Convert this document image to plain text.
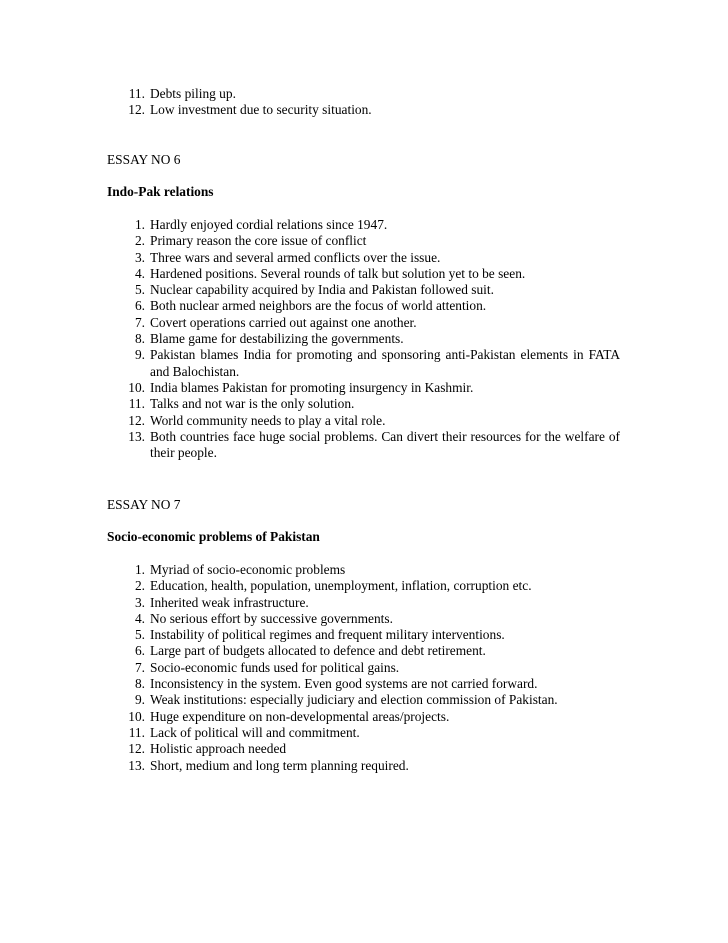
11 . Debts piling up.
12 . Low investment due to security situation.
ESSAY NO 6
Indo-Pak relations
1 . Hardly enjoyed cordial relations since 1947.
2 . Primary reason the core issue of conflict
3 . Three wars and several armed conflicts over the issue.
4 . Hardened positions. Several rounds of talk but solution yet to be seen.
5 . Nuclear capability acquired by India and Pakistan followed suit.
6 . Both nuclear armed neighbors are the focus of world attention.
7 . Covert operations carried out against one another.
8 . Blame game for destabilizing the governments.
9 . Pakistan blames India for promoting and sponsoring anti-Pakistan elements in FATA and Balochistan.
10 . India blames Pakistan for promoting insurgency in Kashmir.
11 . Talks and not war is the only solution.
12 . World community needs to play a vital role.
13 . Both countries face huge social problems. Can divert their resources for the welfare of their people.
ESSAY NO 7
Socio-economic problems of Pakistan
1 . Myriad of socio-economic problems
2 . Education, health, population, unemployment, inflation, corruption etc.
3 . Inherited weak infrastructure.
4 . No serious effort by successive governments.
5 . Instability of political regimes and frequent military interventions.
6 . Large part of budgets allocated to defence and debt retirement.
7 . Socio-economic funds used for political gains.
8 . Inconsistency in the system. Even good systems are not carried forward.
9 . Weak institutions: especially judiciary and election commission of Pakistan.
10 . Huge expenditure on non-developmental areas/projects.
11 . Lack of political will and commitment.
12 . Holistic approach needed
13 . Short, medium and long term planning required.
